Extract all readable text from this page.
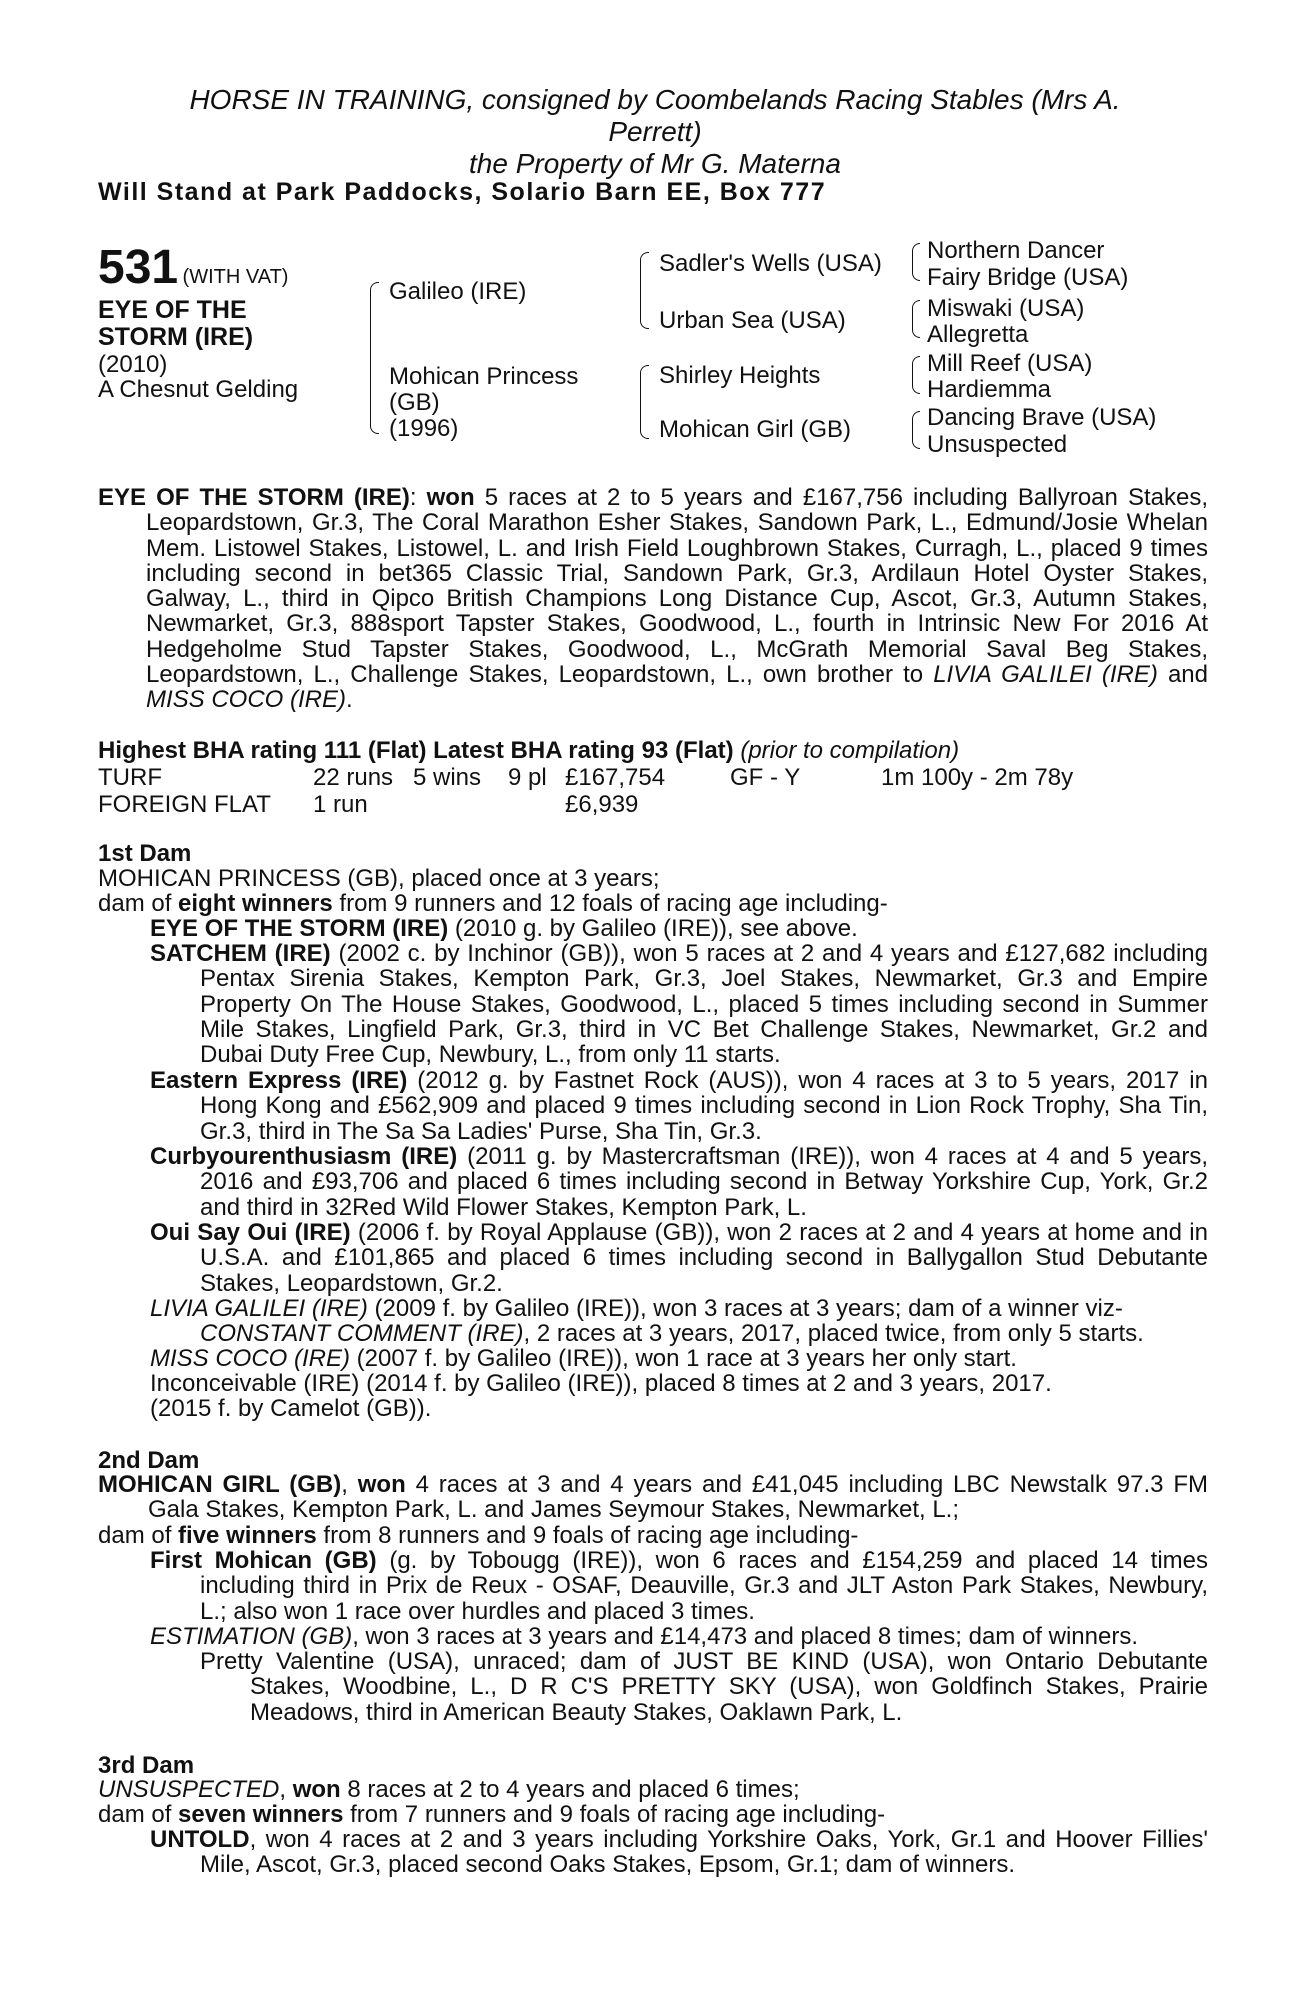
HORSE IN TRAINING, consigned by Coombelands Racing Stables (Mrs A.
Perrett)
the Property of Mr G. Materna
Will Stand at Park Paddocks, Solario Barn EE, Box 777
531 (WITH VAT)
EYE OF THE
STORM (IRE)
(2010)
A Chesnut Gelding
Galileo (IRE)
Mohican Princess
(GB)
(1996)
Sadler's Wells (USA)
Urban Sea (USA)
Shirley Heights
Mohican Girl (GB)
Northern Dancer
Fairy Bridge (USA)
Miswaki (USA)
Allegretta
Mill Reef (USA)
Hardiemma
Dancing Brave (USA)
Unsuspected
EYE OF THE STORM (IRE): won 5 races at 2 to 5 years and £167,756 including Ballyroan Stakes, Leopardstown, Gr.3, The Coral Marathon Esher Stakes, Sandown Park, L., Edmund/Josie Whelan Mem. Listowel Stakes, Listowel, L. and Irish Field Loughbrown Stakes, Curragh, L., placed 9 times including second in bet365 Classic Trial, Sandown Park, Gr.3, Ardilaun Hotel Oyster Stakes, Galway, L., third in Qipco British Champions Long Distance Cup, Ascot, Gr.3, Autumn Stakes, Newmarket, Gr.3, 888sport Tapster Stakes, Goodwood, L., fourth in Intrinsic New For 2016 At Hedgeholme Stud Tapster Stakes, Goodwood, L., McGrath Memorial Saval Beg Stakes, Leopardstown, L., Challenge Stakes, Leopardstown, L., own brother to LIVIA GALILEI (IRE) and MISS COCO (IRE).
Highest BHA rating 111 (Flat) Latest BHA rating 93 (Flat) (prior to compilation)
TURF	22 runs	5 wins	9 pl	£167,754	GF - Y	1m 100y - 2m 78y
FOREIGN FLAT	1 run			£6,939		
1st Dam
MOHICAN PRINCESS (GB), placed once at 3 years;
dam of eight winners from 9 runners and 12 foals of racing age including-
EYE OF THE STORM (IRE) (2010 g. by Galileo (IRE)), see above.
SATCHEM (IRE) (2002 c. by Inchinor (GB)), won 5 races at 2 and 4 years and £127,682 including Pentax Sirenia Stakes, Kempton Park, Gr.3, Joel Stakes, Newmarket, Gr.3 and Empire Property On The House Stakes, Goodwood, L., placed 5 times including second in Summer Mile Stakes, Lingfield Park, Gr.3, third in VC Bet Challenge Stakes, Newmarket, Gr.2 and Dubai Duty Free Cup, Newbury, L., from only 11 starts.
Eastern Express (IRE) (2012 g. by Fastnet Rock (AUS)), won 4 races at 3 to 5 years, 2017 in Hong Kong and £562,909 and placed 9 times including second in Lion Rock Trophy, Sha Tin, Gr.3, third in The Sa Sa Ladies' Purse, Sha Tin, Gr.3.
Curbyourenthusiasm (IRE) (2011 g. by Mastercraftsman (IRE)), won 4 races at 4 and 5 years, 2016 and £93,706 and placed 6 times including second in Betway Yorkshire Cup, York, Gr.2 and third in 32Red Wild Flower Stakes, Kempton Park, L.
Oui Say Oui (IRE) (2006 f. by Royal Applause (GB)), won 2 races at 2 and 4 years at home and in U.S.A. and £101,865 and placed 6 times including second in Ballygallon Stud Debutante Stakes, Leopardstown, Gr.2.
LIVIA GALILEI (IRE) (2009 f. by Galileo (IRE)), won 3 races at 3 years; dam of a winner viz-
CONSTANT COMMENT (IRE), 2 races at 3 years, 2017, placed twice, from only 5 starts.
MISS COCO (IRE) (2007 f. by Galileo (IRE)), won 1 race at 3 years her only start.
Inconceivable (IRE) (2014 f. by Galileo (IRE)), placed 8 times at 2 and 3 years, 2017.
(2015 f. by Camelot (GB)).
2nd Dam
MOHICAN GIRL (GB), won 4 races at 3 and 4 years and £41,045 including LBC Newstalk 97.3 FM Gala Stakes, Kempton Park, L. and James Seymour Stakes, Newmarket, L.;
dam of five winners from 8 runners and 9 foals of racing age including-
First Mohican (GB) (g. by Tobougg (IRE)), won 6 races and £154,259 and placed 14 times including third in Prix de Reux - OSAF, Deauville, Gr.3 and JLT Aston Park Stakes, Newbury, L.; also won 1 race over hurdles and placed 3 times.
ESTIMATION (GB), won 3 races at 3 years and £14,473 and placed 8 times; dam of winners.
Pretty Valentine (USA), unraced; dam of JUST BE KIND (USA), won Ontario Debutante Stakes, Woodbine, L., D R C'S PRETTY SKY (USA), won Goldfinch Stakes, Prairie Meadows, third in American Beauty Stakes, Oaklawn Park, L.
3rd Dam
UNSUSPECTED, won 8 races at 2 to 4 years and placed 6 times;
dam of seven winners from 7 runners and 9 foals of racing age including-
UNTOLD, won 4 races at 2 and 3 years including Yorkshire Oaks, York, Gr.1 and Hoover Fillies' Mile, Ascot, Gr.3, placed second Oaks Stakes, Epsom, Gr.1; dam of winners.
